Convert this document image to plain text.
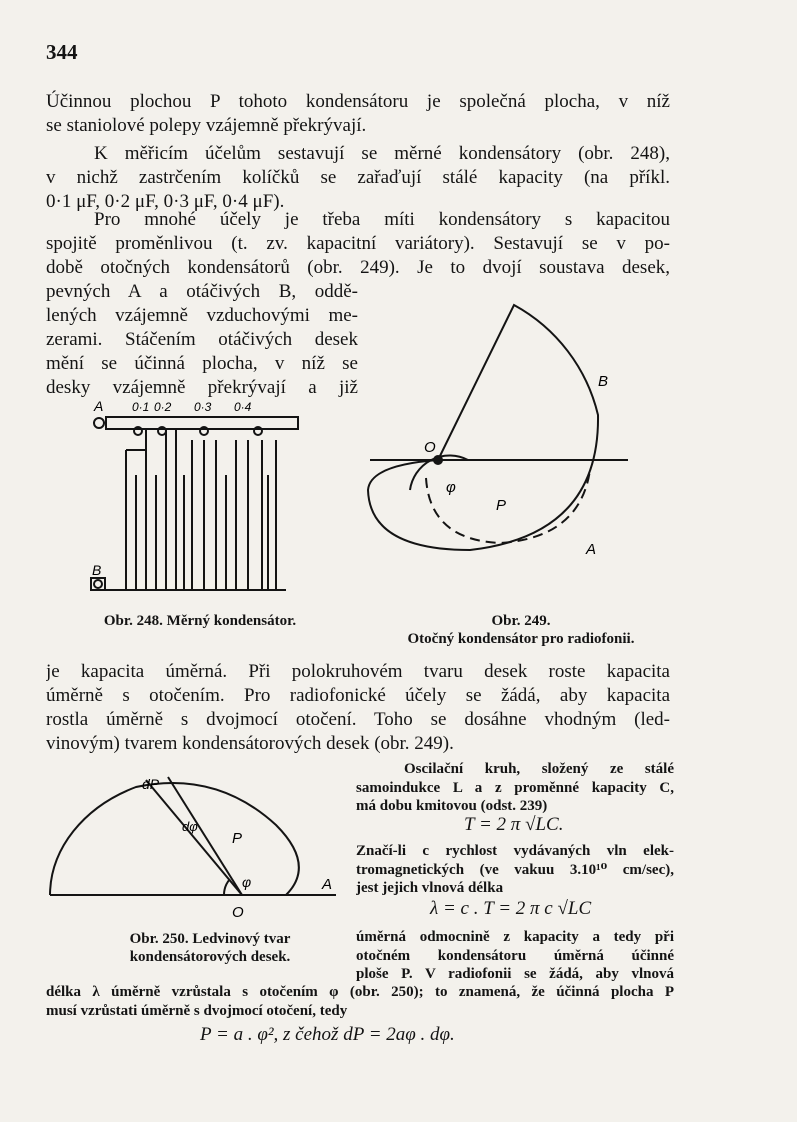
344
Účinnou plochou P tohoto kondensátoru je společná plocha, v níž
se staniolové polepy vzájemně překrývají.
K měřicím účelům sestavují se měrné kondensátory (obr. 248),
v nichž zastrčením kolíčků se zařaďují stálé kapacity (na příkl.
0·1 μF, 0·2 μF, 0·3 μF, 0·4 μF).
Pro mnohé účely je třeba míti kondensátory s kapacitou
spojitě proměnlivou (t. zv. kapacitní variátory). Sestavují se v po-
době otočných kondensátorů (obr. 249). Je to dvojí soustava desek,
pevných A a otáčivých B, oddě-
lených vzájemně vzduchovými me-
zerami. Stáčením otáčivých desek
mění se účinná plocha, v níž se
desky vzájemně překrývají a již
A 0·1 0·2 0·3 0·4
B
Obr. 248. Měrný kondensátor.
B
O
P
A
φ
Obr. 249.
Otočný kondensátor pro radiofonii.
je kapacita úměrná. Při polokruhovém tvaru desek roste kapacita
úměrně s otočením. Pro radiofonické účely se žádá, aby kapacita
rostla úměrně s dvojmocí otočení. Toho se dosáhne vhodným (led-
vinovým) tvarem kondensátorových desek (obr. 249).
dP
dφ
P
φ	A
O
Obr. 250. Ledvinový tvar
kondensátorových desek.
Oscilační kruh, složený ze stálé
samoindukce L a z proměnné kapacity C,
má dobu kmitovou (odst. 239)
T = 2 π √LC.
Značí-li c rychlost vydávaných vln elek-
tromagnetických (ve vakuu 3.10¹⁰ cm/sec),
jest jejich vlnová délka
λ = c . T = 2 π c √LC
úměrná odmocnině z kapacity a tedy při
otočném kondensátoru úměrná účinné
ploše P. V radiofonii se žádá, aby vlnová
délka λ úměrně vzrůstala s otočením φ (obr. 250); to znamená, že účinná plocha P
musí vzrůstati úměrně s dvojmocí otočení, tedy
P = a . φ², z čehož dP = 2aφ . dφ.
